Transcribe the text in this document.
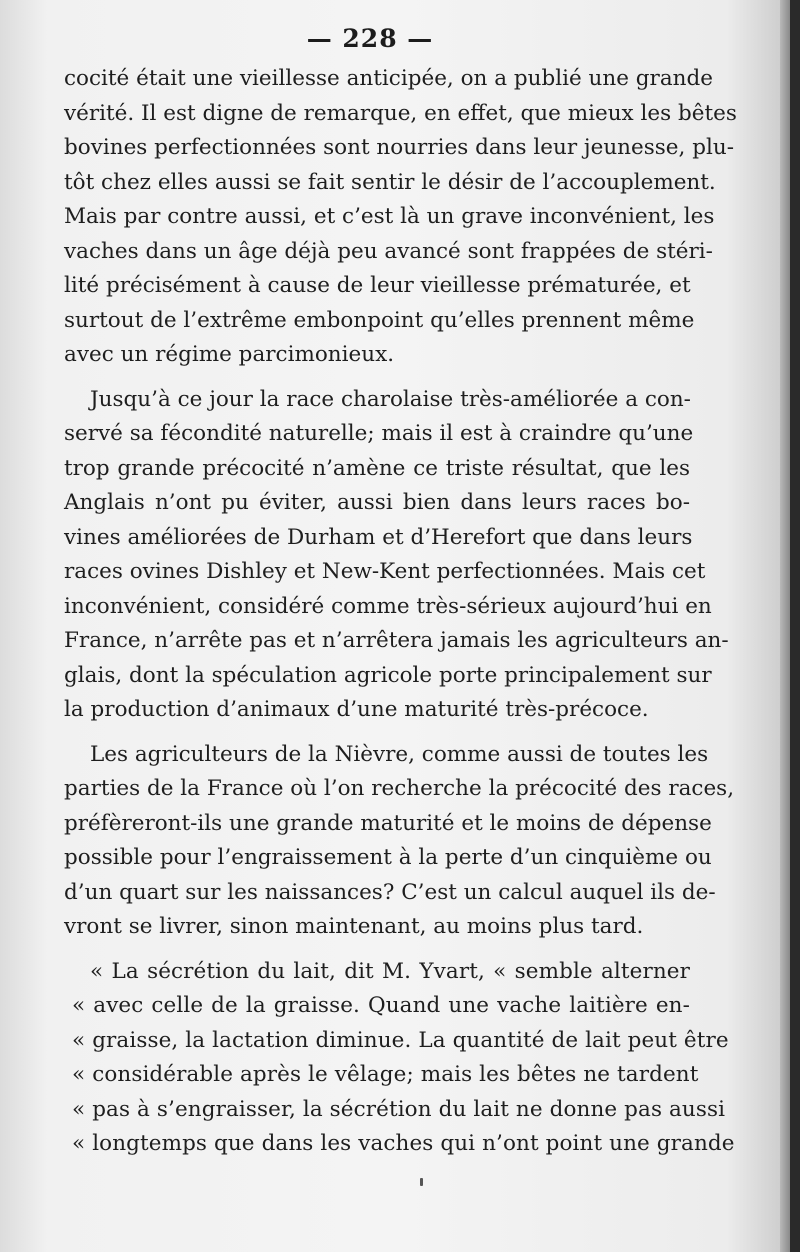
— 228 —
cocité était une vieillesse anticipée, on a publié une grande
vérité. Il est digne de remarque, en effet, que mieux les bêtes
bovines perfectionnées sont nourries dans leur jeunesse, plu-
tôt chez elles aussi se fait sentir le désir de l’accouplement.
Mais par contre aussi, et c’est là un grave inconvénient, les
vaches dans un âge déjà peu avancé sont frappées de stéri-
lité précisément à cause de leur vieillesse prématurée, et
surtout de l’extrême embonpoint qu’elles prennent même
avec un régime parcimonieux.
Jusqu’à ce jour la race charolaise très-améliorée a con-
servé sa fécondité naturelle; mais il est à craindre qu’une
trop grande précocité n’amène ce triste résultat, que les
Anglais n’ont pu éviter, aussi bien dans leurs races bo-
vines améliorées de Durham et d’Herefort que dans leurs
races ovines Dishley et New-Kent perfectionnées. Mais cet
inconvénient, considéré comme très-sérieux aujourd’hui en
France, n’arrête pas et n’arrêtera jamais les agriculteurs an-
glais, dont la spéculation agricole porte principalement sur
la production d’animaux d’une maturité très-précoce.
Les agriculteurs de la Nièvre, comme aussi de toutes les
parties de la France où l’on recherche la précocité des races,
préfèreront-ils une grande maturité et le moins de dépense
possible pour l’engraissement à la perte d’un cinquième ou
d’un quart sur les naissances? C’est un calcul auquel ils de-
vront se livrer, sinon maintenant, au moins plus tard.
« La sécrétion du lait, dit M. Yvart, « semble alterner
« avec celle de la graisse. Quand une vache laitière en-
« graisse, la lactation diminue. La quantité de lait peut être
« considérable après le vêlage; mais les bêtes ne tardent
« pas à s’engraisser, la sécrétion du lait ne donne pas aussi
« longtemps que dans les vaches qui n’ont point une grande
